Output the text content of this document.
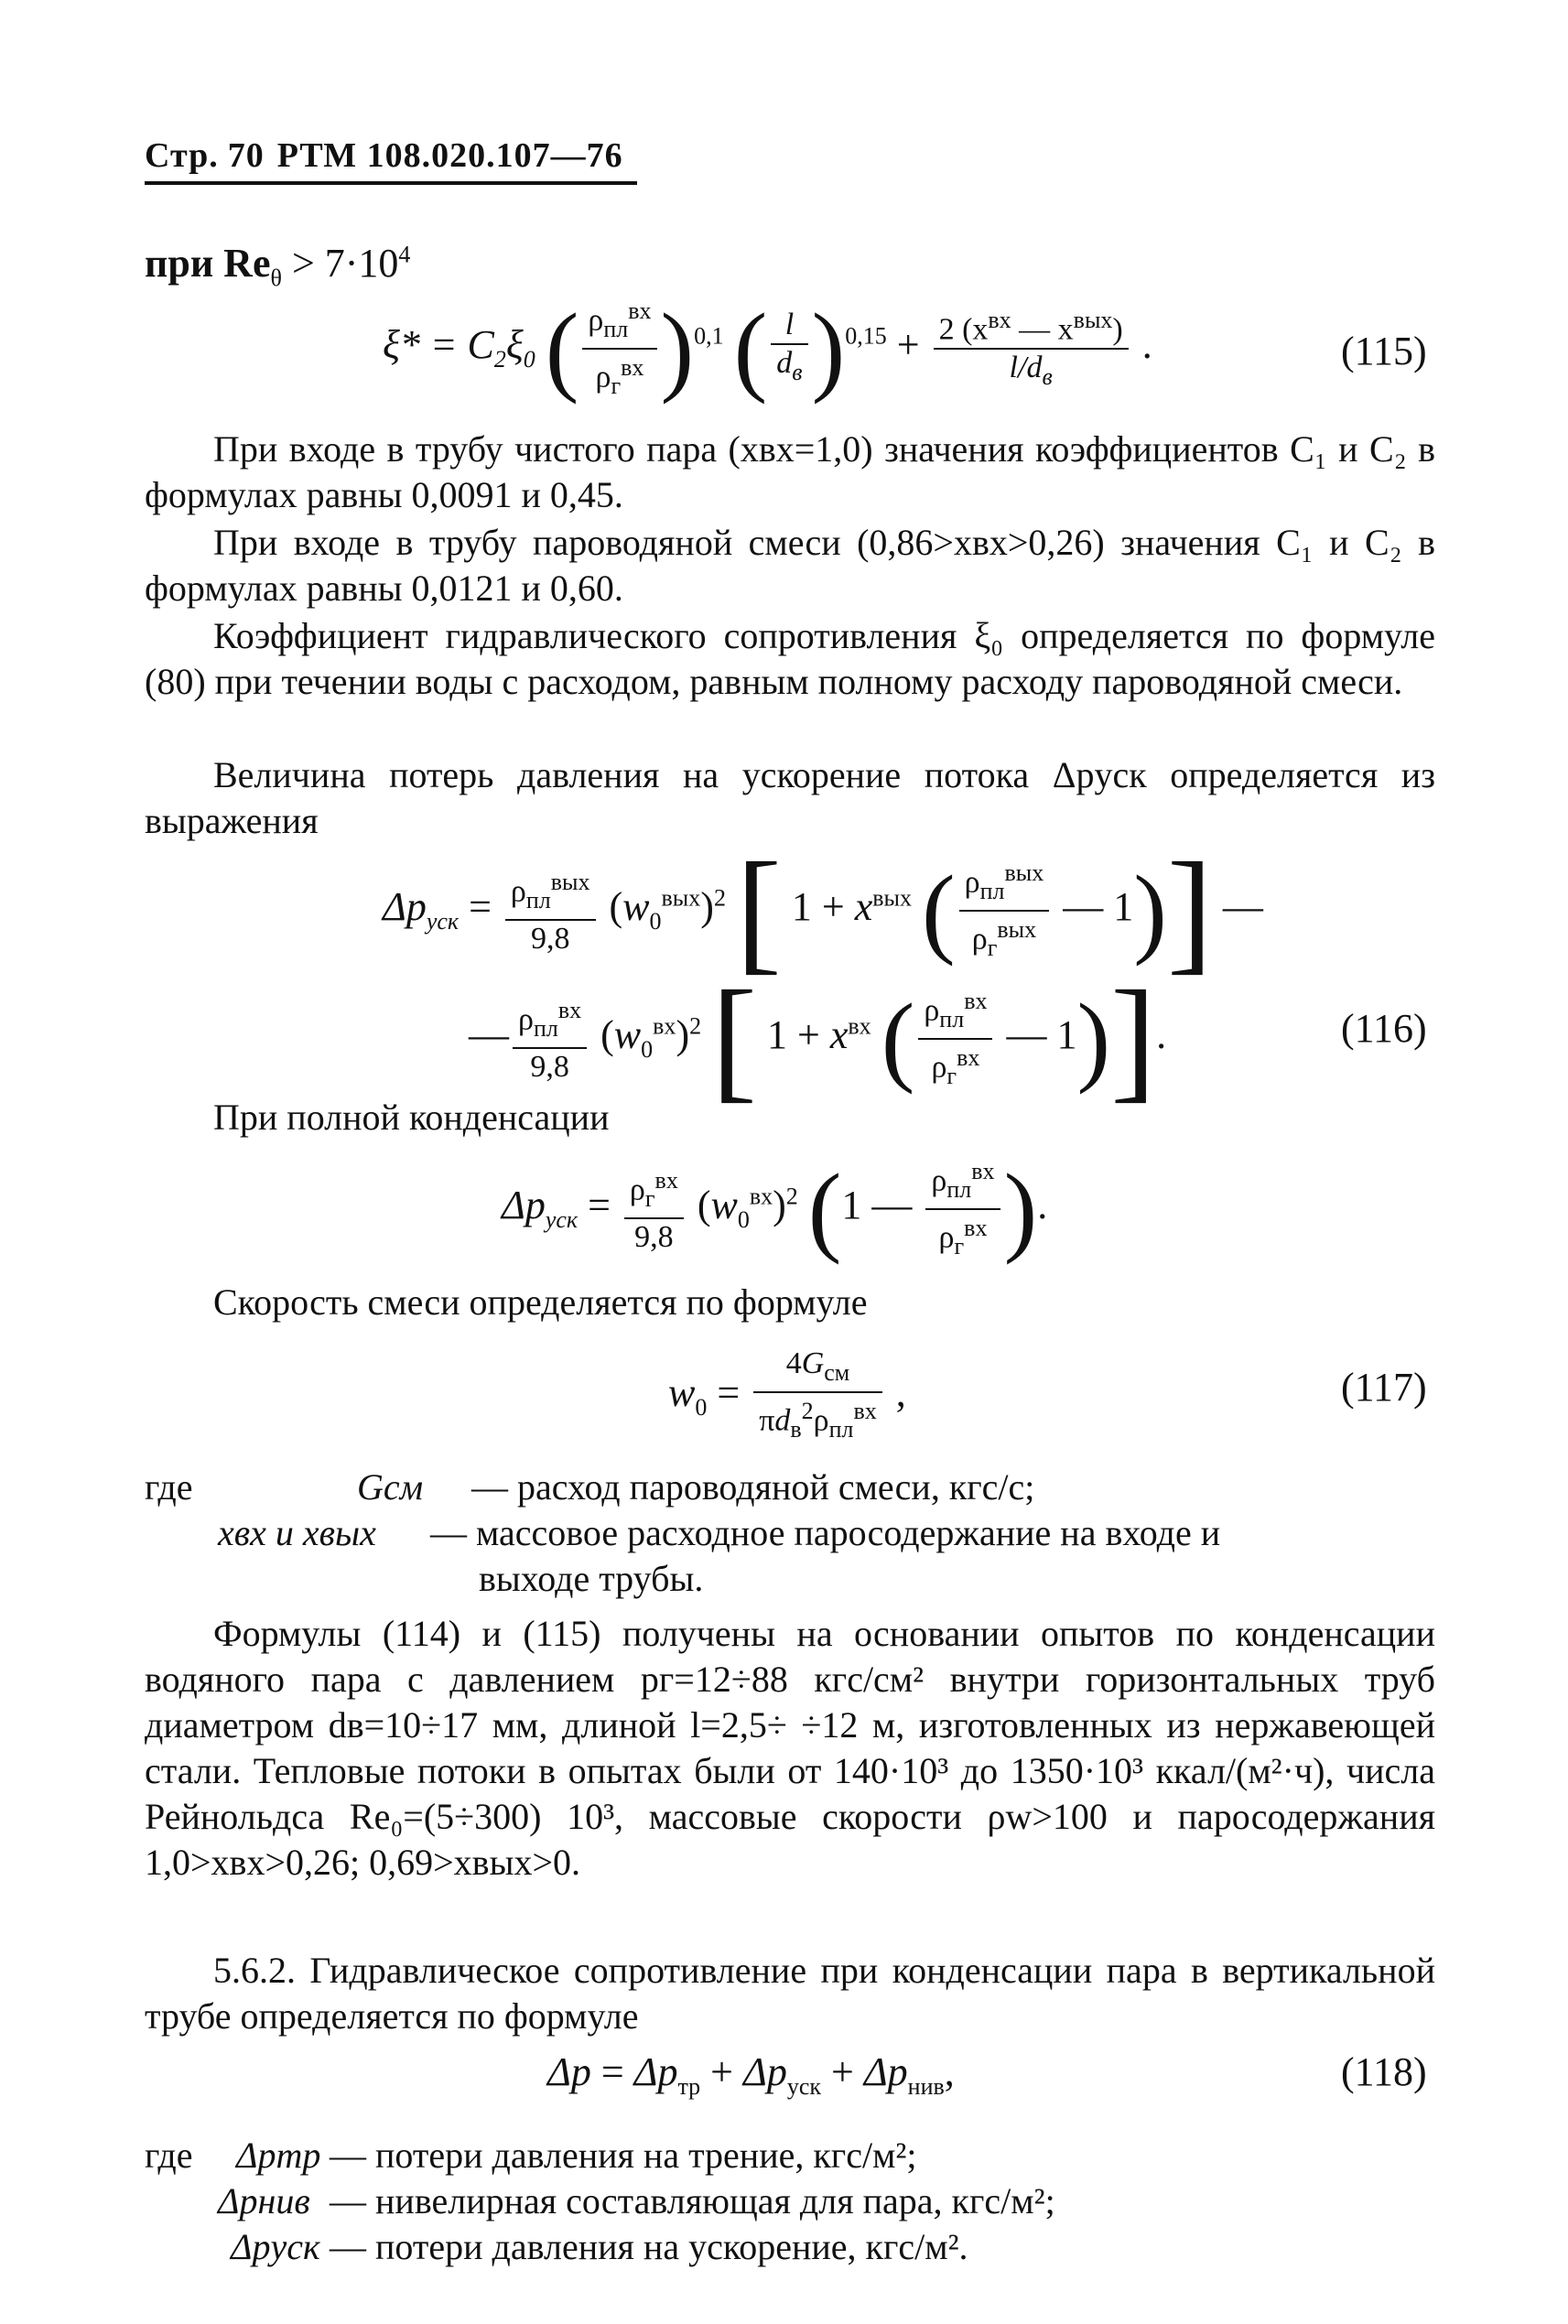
Стр. 70 РТМ 108.020.107—76
при $Re_\theta > 7\cdot 10^4$
$\xi* = C_2\xi_0$ ( $\frac{\rho_{пл}^{вх}}{\rho_г^{вх}} )^{0,1}$ ( $\frac{l}{d_в} )^{0,15} + \frac{2 (x^{вх} — x^{вых})}{l/d_в}$ .	(115)
При входе в трубу чистого пара (xвх=1,0) значения коэффициентов C₁ и C₂ в формулах равны 0,0091 и 0,45.
При входе в трубу пароводяной смеси (0,86>xвх>0,26) значения C₁ и C₂ в формулах равны 0,0121 и 0,60.
Коэффициент гидравлического сопротивления ξ₀ определяется по формуле (80) при течении воды с расходом, равным полному расходу пароводяной смеси.
Величина потерь давления на ускорение потока Δpуск определяется из выражения
$\Delta p_{уск} = \frac{\rho_{пл}^{вых}}{9,8} (w_0^{вых})^2$ [ $1 + x^{вых}$ ( $\frac{\rho_{пл}^{вых}}{\rho_г^{вых}}$ — 1)] —
— $\frac{\rho_{пл}^{вх}}{9,8} (w_0^{вх})^2$ [ $1 + x^{вх}$ ( $\frac{\rho_{пл}^{вх}}{\rho_г^{вх}}$ — 1)].	(116)
При полной конденсации
$\Delta p_{уск} = \frac{\rho_г^{вх}}{9,8} (w_0^{вх})^2$ (1 — $\frac{\rho_{пл}^{вх}}{\rho_г^{вх}}$ ).
Скорость смеси определяется по формуле
$w_0 = \frac{4G_{см}}{\pi d_в^2\rho_{пл}^{вх}}$ ,	(117)
где	Gсм — расход пароводяной смеси, кгс/с;
xвх и xвых — массовое расходное паросодержание на входе и
выходе трубы.
Формулы (114) и (115) получены на основании опытов по конденсации водяного пара с давлением pг=12÷88 кгс/см² внутри горизонтальных труб диаметром dв=10÷17 мм, длиной l=2,5÷ ÷12 м, изготовленных из нержавеющей стали. Тепловые потоки в опытах были от 140·10³ до 1350·10³ ккал/(м²·ч), числа Рейнольдса Re₀=(5÷300) 10³, массовые скорости ρw>100 и паросодержания 1,0>xвх>0,26; 0,69>xвых>0.
5.6.2. Гидравлическое сопротивление при конденсации пара в вертикальной трубе определяется по формуле
$\Delta p = \Delta p_{тр} + \Delta p_{уск} + \Delta p_{нив}$,	(118)
где Δpтр — потери давления на трение, кгс/м²;
Δpнив — нивелирная составляющая для пара, кгс/м²;
Δpуск — потери давления на ускорение, кгс/м².
